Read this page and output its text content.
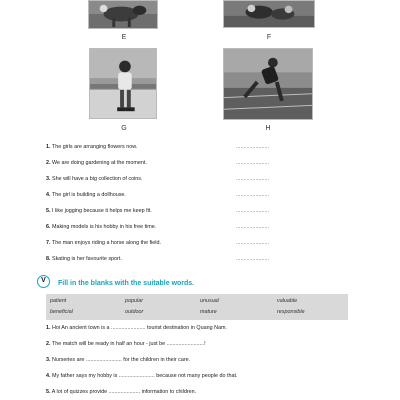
E	F
G	H
1. The girls are arranging flowers now.	......................
2. We are doing gardening at the moment.	......................
3. She will have a big collection of coins.	......................
4. The girl is building a dollhouse.	......................
5. I like jogging because it helps me keep fit.	......................
6. Making models is his hobby in his free time.	......................
7. The man enjoys riding a horse along the field.	......................
8. Skating is her favourite sport.	......................
V	Fill in the blanks with the suitable words.
patient	popular	unusual	valuable
beneficial	outdoor	mature	responsible
1. Hoi An ancient town is a ....................... tourist destination in Quang Nam.
2. The match will be ready in half an hour - just be .........................!
3. Nurseries are ........................ for the children in their care.
4. My father says my hobby is ........................ because not many people do that.
5. A lot of quizzes provide ..................... information to children.
